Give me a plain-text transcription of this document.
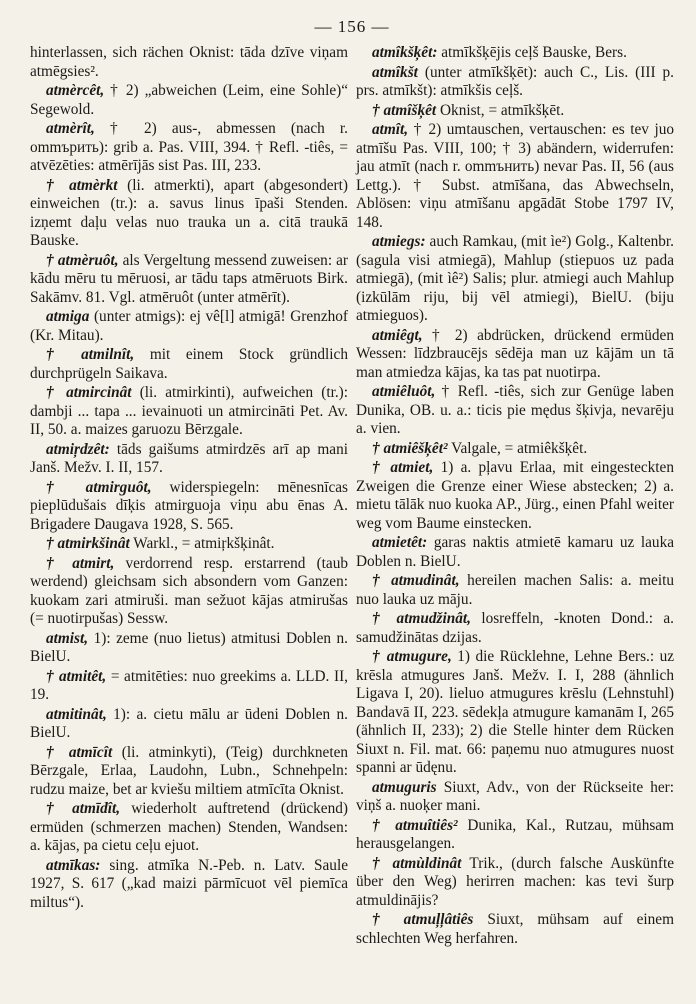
— 156 —

hinterlassen, sich rächen Oknist: tāda dzīve viņam atmēgsies².

atmèrcêt, † 2) „abweichen (Leim, eine Sohle)“ Segewold.

atmèrît, † 2) aus-, abmessen (nach r. ommърить): grib a. Pas. VIII, 394. † Refl. -tiês, = atvēzēties: atmērījās sist Pas. III, 233.

† atmèrkt (li. atmerkti), apart (abgesondert) einweichen (tr.): a. savus linus īpaši Stenden. izņemt daļu velas nuo trauka un a. citā traukā Bauske.

† atmèruôt, als Vergeltung messend zuweisen: ar kādu mēru tu mēruosi, ar tādu taps atmēruots Birk. Sakāmv. 81. Vgl. atmēruôt (unter atmērīt).

atmiga (unter atmigs): ej vê[l] atmigā! Grenzhof (Kr. Mitau).

† atmilnît, mit einem Stock gründlich durchprügeln Saikava.

† atmircinât (li. atmirkinti), aufweichen (tr.): dambji ... tapa ... ievainuoti un atmircināti Pet. Av. II, 50. a. maizes garuozu Bērzgale.

atmiŗdzêt: tāds gaišums atmirdzēs arī ap mani Janš. Mežv. I. II, 157.

† atmirguôt, widerspiegeln: mēnesnīcas pieplūdušais dīķis atmirguoja viņu abu ēnas A. Brigadere Daugava 1928, S. 565.

† atmirkšinât Warkl., = atmiŗkšķinât.

† atmirt, verdorrend resp. erstarrend (taub werdend) gleichsam sich absondern vom Ganzen: kuokam zari atmiruši. man sežuot kājas atmirušas (= nuotirpušas) Sessw.

atmist, 1): zeme (nuo lietus) atmitusi Doblen n. BielU.

† atmitêt, = atmitēties: nuo greekims a. LLD. II, 19.

atmitinât, 1): a. cietu mālu ar ūdeni Doblen n. BielU.

† atmīcît (li. atminkyti), (Teig) durchkneten Bērzgale, Erlaa, Laudohn, Lubn., Schnehpeln: rudzu maize, bet ar kviešu miltiem atmīcīta Oknist.

† atmīdît, wiederholt auftretend (drückend) ermüden (schmerzen machen) Stenden, Wandsen: a. kājas, pa cietu ceļu ejuot.

atmīkas: sing. atmīka N.-Peb. n. Latv. Saule 1927, S. 617 („kad maizi pārmīcuot vēl piemīca miltus“).

atmîkšķêt: atmīkšķējis ceļš Bauske, Bers.

atmîkšt (unter atmīkšķēt): auch C., Lis. (III p. prs. atmīkšt): atmīkšis ceļš.

† atmîšķêt Oknist, = atmīkšķēt.

atmît, † 2) umtauschen, vertauschen: es tev juo atmīšu Pas. VIII, 100; † 3) abändern, widerrufen: jau atmīt (nach r. ommънить) nevar Pas. II, 56 (aus Lettg.). † Subst. atmīšana, das Abwechseln, Ablösen: viņu atmīšanu apgādāt Stobe 1797 IV, 148.

atmiegs: auch Ramkau, (mit ìe²) Golg., Kaltenbr. (sagula visi atmiegā), Mahlup (stiepuos uz pada atmiegā), (mit ìê²) Salis; plur. atmiegi auch Mahlup (izkūlām riju, bij vēl atmiegi), BielU. (biju atmieguos).

atmiêgt, † 2) abdrücken, drückend ermüden Wessen: līdzbraucējs sēdēja man uz kājām un tā man atmiedza kājas, ka tas pat nuotirpa.

atmiêluôt, † Refl. -tiês, sich zur Genüge laben Dunika, OB. u. a.: ticis pie mędus šķivja, nevarēju a. vien.

† atmiêšķêt² Valgale, = atmiêkšķêt.

† atmiet, 1) a. pļavu Erlaa, mit eingesteckten Zweigen die Grenze einer Wiese abstecken; 2) a. mietu tālāk nuo kuoka AP., Jürg., einen Pfahl weiter weg vom Baume einstecken.

atmietêt: garas naktis atmietē kamaru uz lauka Doblen n. BielU.

† atmudinât, hereilen machen Salis: a. meitu nuo lauka uz māju.

† atmudžinât, losreffeln, -knoten Dond.: a. samudžinātas dzijas.

† atmugure, 1) die Rücklehne, Lehne Bers.: uz krēsla atmugures Janš. Mežv. I. I, 288 (ähnlich Ligava I, 20). lieluo atmugures krēslu (Lehnstuhl) Bandavā II, 223. sēdekļa atmugure kamanām I, 265 (ähnlich II, 233); 2) die Stelle hinter dem Rücken Siuxt n. Fil. mat. 66: paņemu nuo atmugures nuost spanni ar ūdęnu.

atmuguris Siuxt, Adv., von der Rückseite her: viņš a. nuoķer mani.

† atmuîtiês² Dunika, Kal., Rutzau, mühsam herausgelangen.

† atmùldinât Trik., (durch falsche Auskünfte über den Weg) herirren machen: kas tevi šurp atmuldinājis?

† atmuļļâtiês Siuxt, mühsam auf einem schlechten Weg herfahren.
